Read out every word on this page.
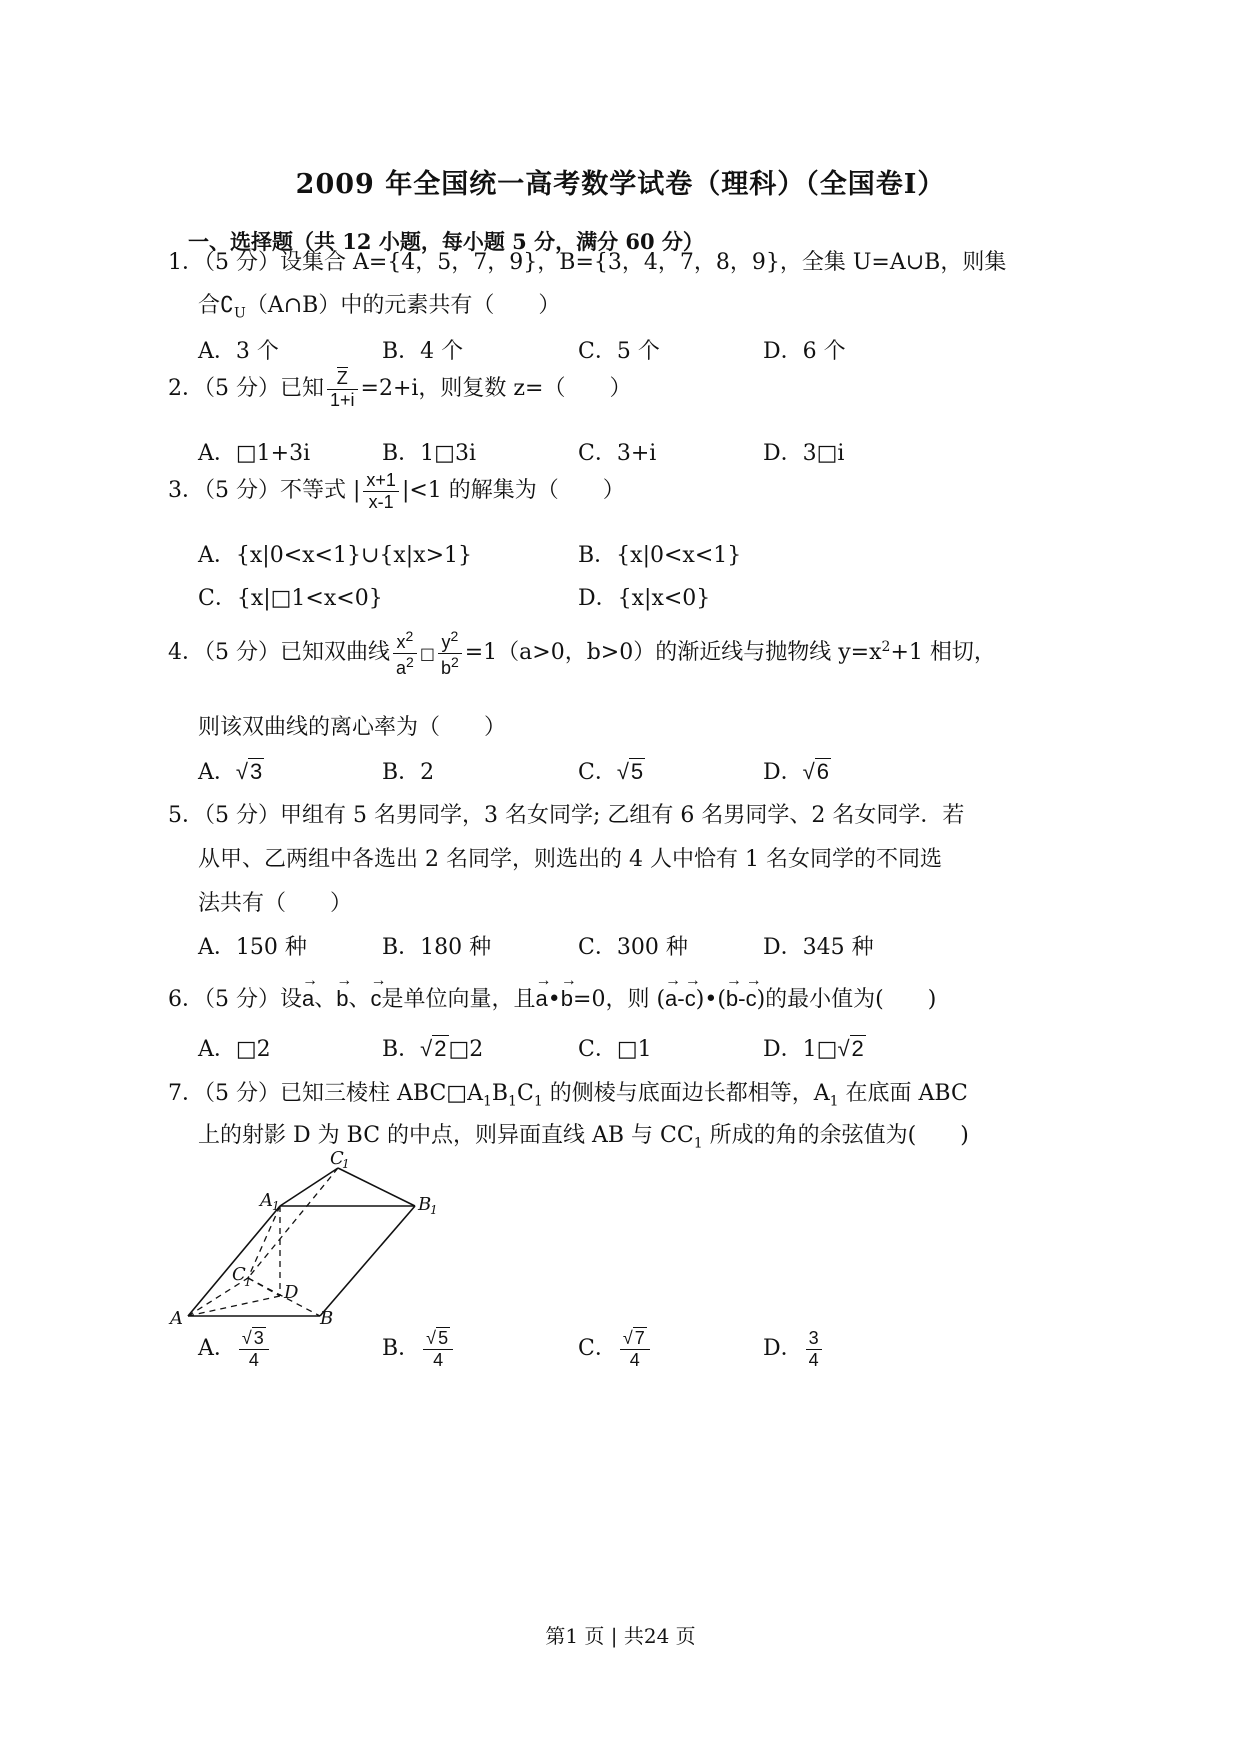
2009 年全国统一高考数学试卷（理科）（全国卷I）
一、选择题（共 12 小题，每小题 5 分，满分 60 分）
1．（5 分）设集合 A={4，5，7，9}，B={3，4，7，8，9}，全集 U=A∪B，则集
合$∁_U(A\cap B)$中的元素共有（　　）
A．3 个	B．4 个	C．5 个	D．6 个
2．（5 分）已知 $\frac{Z}{1+i} =2+i$，则复数 z=（　　）
A．□1+3i	B．1□3i	C．3+i	D．3□i
3．（5 分）不等式 | $\frac{x+1}{x-1} |<1$ 的解集为（　　）
A．{x|0<x<1}∪{x|x>1}	B．{x|0<x<1}
C．{x|□1<x<0}	D．{x|x<0}
4．（5 分）已知双曲线 $\frac{x^2}{a^2}$ □ $\frac{y^2}{b^2} =1(a>0$，b>0）的渐近线与抛物线 $y=x^2+1$ 相切，
则该双曲线的离心率为（　　）
A．√3	B．2	C．√5	D．√6
5．（5 分）甲组有 5 名男同学，3 名女同学; 乙组有 6 名男同学、2 名女同学．若
从甲、乙两组中各选出 2 名同学，则选出的 4 人中恰有 1 名女同学的不同选
法共有（　　）
A．150 种	B．180 种	C．300 种	D．345 种
6．（5 分）设→ a、→ b、→ c是单位向量，且→ a•→ b=0，则 (→ a-→ c)•(→ b-→ c)的最小值为(　　)
A．□2	B．√2□2	C．□1	D．1□√2
7．（5 分）已知三棱柱 $ABC□A_1B_1C_1$ 的侧棱与底面边长都相等，$A_1$ 在底面 ABC
上的射影 D 为 BC 的中点，则异面直线 AB 与 $CC_1$ 所成的角的余弦值为(　　)
A	B
C
1 D
A 1	B
1
C
1
A． $\frac{√ 3}{4}$	B． $\frac{√ 5}{4}$	C． $\frac{√ 7}{4}$	D． $\frac{3}{4}$
第1 页 | 共24 页
